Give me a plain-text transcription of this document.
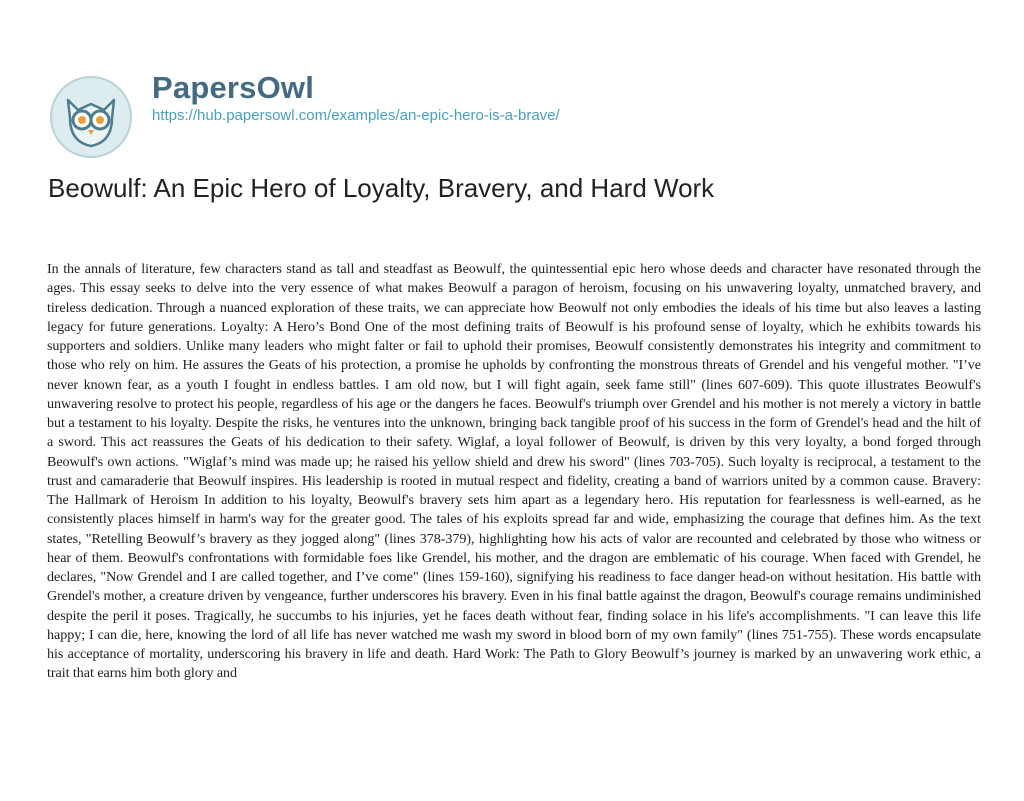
PapersOwl
https://hub.papersowl.com/examples/an-epic-hero-is-a-brave/
Beowulf: An Epic Hero of Loyalty, Bravery, and Hard Work

In the annals of literature, few characters stand as tall and steadfast as Beowulf, the quintessential epic hero whose deeds and character have resonated through the ages. This essay seeks to delve into the very essence of what makes Beowulf a paragon of heroism, focusing on his unwavering loyalty, unmatched bravery, and tireless dedication. Through a nuanced exploration of these traits, we can appreciate how Beowulf not only embodies the ideals of his time but also leaves a lasting legacy for future generations. Loyalty: A Hero’s Bond One of the most defining traits of Beowulf is his profound sense of loyalty, which he exhibits towards his supporters and soldiers. Unlike many leaders who might falter or fail to uphold their promises, Beowulf consistently demonstrates his integrity and commitment to those who rely on him. He assures the Geats of his protection, a promise he upholds by confronting the monstrous threats of Grendel and his vengeful mother. "I’ve never known fear, as a youth I fought in endless battles. I am old now, but I will fight again, seek fame still" (lines 607-609). This quote illustrates Beowulf's unwavering resolve to protect his people, regardless of his age or the dangers he faces. Beowulf's triumph over Grendel and his mother is not merely a victory in battle but a testament to his loyalty. Despite the risks, he ventures into the unknown, bringing back tangible proof of his success in the form of Grendel's head and the hilt of a sword. This act reassures the Geats of his dedication to their safety. Wiglaf, a loyal follower of Beowulf, is driven by this very loyalty, a bond forged through Beowulf's own actions. "Wiglaf’s mind was made up; he raised his yellow shield and drew his sword" (lines 703-705). Such loyalty is reciprocal, a testament to the trust and camaraderie that Beowulf inspires. His leadership is rooted in mutual respect and fidelity, creating a band of warriors united by a common cause. Bravery: The Hallmark of Heroism In addition to his loyalty, Beowulf's bravery sets him apart as a legendary hero. His reputation for fearlessness is well-earned, as he consistently places himself in harm's way for the greater good. The tales of his exploits spread far and wide, emphasizing the courage that defines him. As the text states, "Retelling Beowulf’s bravery as they jogged along" (lines 378-379), highlighting how his acts of valor are recounted and celebrated by those who witness or hear of them. Beowulf's confrontations with formidable foes like Grendel, his mother, and the dragon are emblematic of his courage. When faced with Grendel, he declares, "Now Grendel and I are called together, and I’ve come" (lines 159-160), signifying his readiness to face danger head-on without hesitation. His battle with Grendel's mother, a creature driven by vengeance, further underscores his bravery. Even in his final battle against the dragon, Beowulf's courage remains undiminished despite the peril it poses. Tragically, he succumbs to his injuries, yet he faces death without fear, finding solace in his life's accomplishments. "I can leave this life happy; I can die, here, knowing the lord of all life has never watched me wash my sword in blood born of my own family" (lines 751-755). These words encapsulate his acceptance of mortality, underscoring his bravery in life and death. Hard Work: The Path to Glory Beowulf’s journey is marked by an unwavering work ethic, a trait that earns him both glory and
